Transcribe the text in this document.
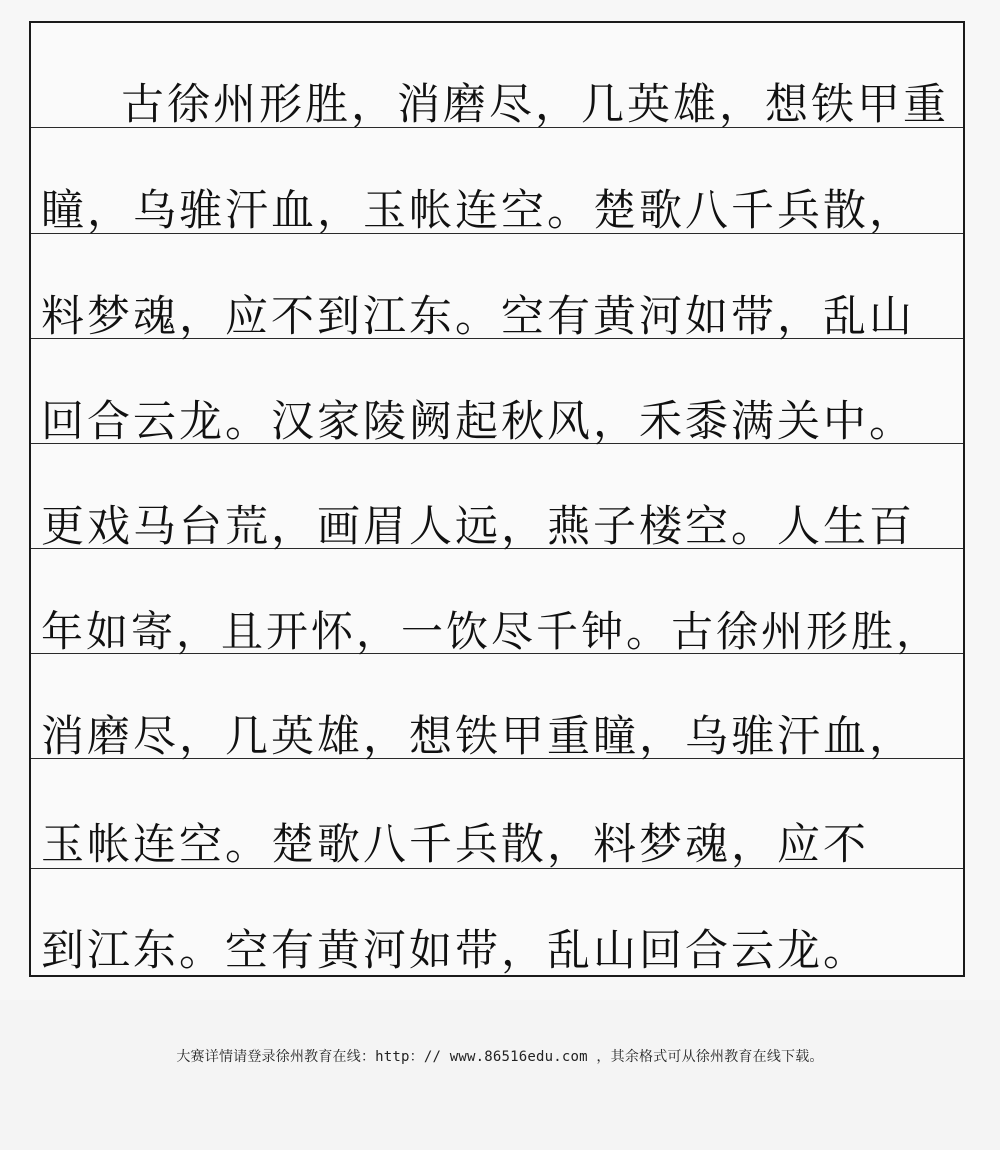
古徐州形胜，消磨尽，几英雄，想铁甲重
瞳，乌骓汗血，玉帐连空。楚歌八千兵散，
料梦魂，应不到江东。空有黄河如带，乱山
回合云龙。汉家陵阙起秋风，禾黍满关中。
更戏马台荒，画眉人远，燕子楼空。人生百
年如寄，且开怀，一饮尽千钟。古徐州形胜，
消磨尽，几英雄，想铁甲重瞳，乌骓汗血，
玉帐连空。楚歌八千兵散，料梦魂，应不
到江东。空有黄河如带，乱山回合云龙。
大赛详情请登录徐州教育在线：http：// www.86516edu.com ，其余格式可从徐州教育在线下载。
